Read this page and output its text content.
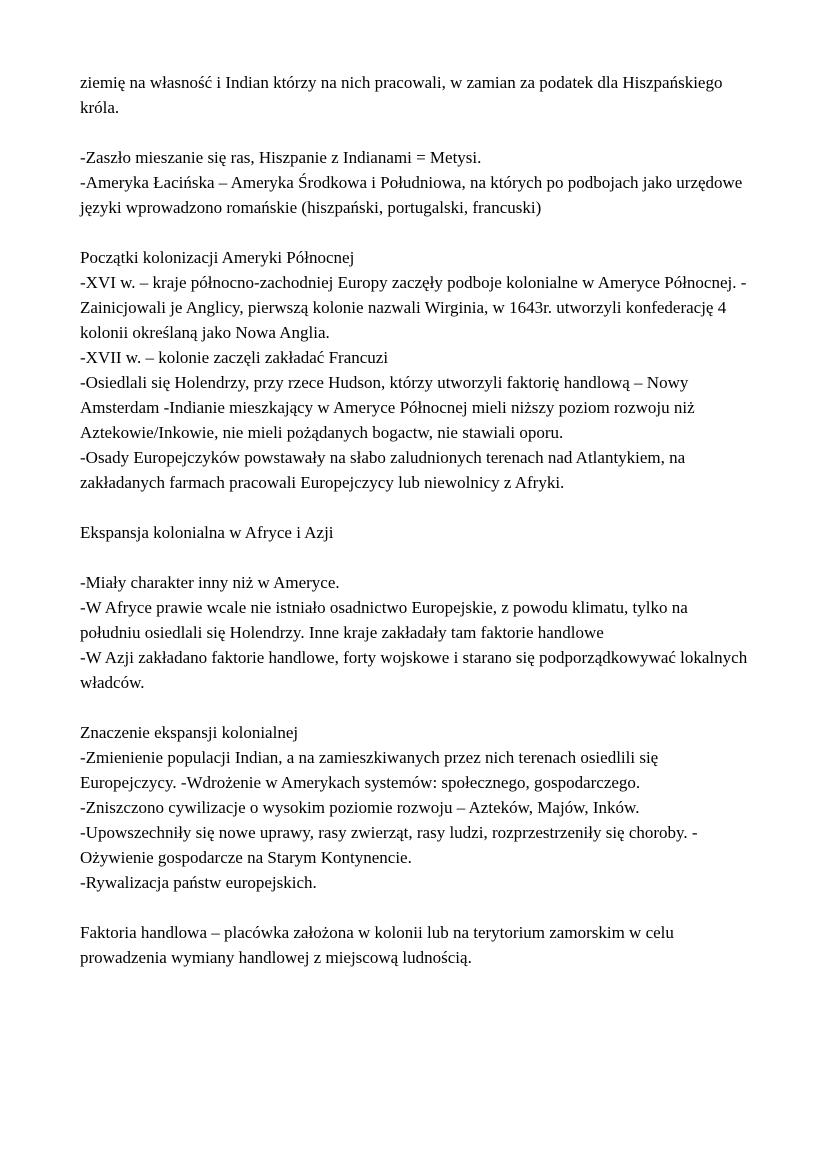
ziemię na własność i Indian którzy na nich pracowali, w zamian za podatek dla Hiszpańskiego króla.

-Zaszło mieszanie się ras, Hiszpanie z Indianami = Metysi.

-Ameryka Łacińska – Ameryka Środkowa i Południowa, na których po podbojach jako urzędowe języki wprowadzono romańskie (hiszpański, portugalski, francuski)

Początki kolonizacji Ameryki Północnej

-XVI w. – kraje północno-zachodniej Europy zaczęły podboje kolonialne w Ameryce Północnej. -Zainicjowali je Anglicy, pierwszą kolonie nazwali Wirginia, w 1643r. utworzyli konfederację 4 kolonii określaną jako Nowa Anglia.

-XVII w. – kolonie zaczęli zakładać Francuzi

-Osiedlali się Holendrzy, przy rzece Hudson, którzy utworzyli faktorię handlową – Nowy Amsterdam -Indianie mieszkający w Ameryce Północnej mieli niższy poziom rozwoju niż Aztekowie/Inkowie, nie mieli pożądanych bogactw, nie stawiali oporu.

-Osady Europejczyków powstawały na słabo zaludnionych terenach nad Atlantykiem, na zakładanych farmach pracowali Europejczycy lub niewolnicy z Afryki.

Ekspansja kolonialna w Afryce i Azji

-Miały charakter inny niż w Ameryce.

-W Afryce prawie wcale nie istniało osadnictwo Europejskie, z powodu klimatu, tylko na południu osiedlali się Holendrzy. Inne kraje zakładały tam faktorie handlowe

-W Azji zakładano faktorie handlowe, forty wojskowe i starano się podporządkowywać lokalnych władców.

Znaczenie ekspansji kolonialnej

-Zmienienie populacji Indian, a na zamieszkiwanych przez nich terenach osiedlili się Europejczycy. -Wdrożenie w Amerykach systemów: społecznego, gospodarczego.

-Zniszczono cywilizacje o wysokim poziomie rozwoju – Azteków, Majów, Inków.

-Upowszechniły się nowe uprawy, rasy zwierząt, rasy ludzi, rozprzestrzeniły się choroby. -Ożywienie gospodarcze na Starym Kontynencie.

-Rywalizacja państw europejskich.

Faktoria handlowa – placówka założona w kolonii lub na terytorium zamorskim w celu prowadzenia wymiany handlowej z miejscową ludnością.
